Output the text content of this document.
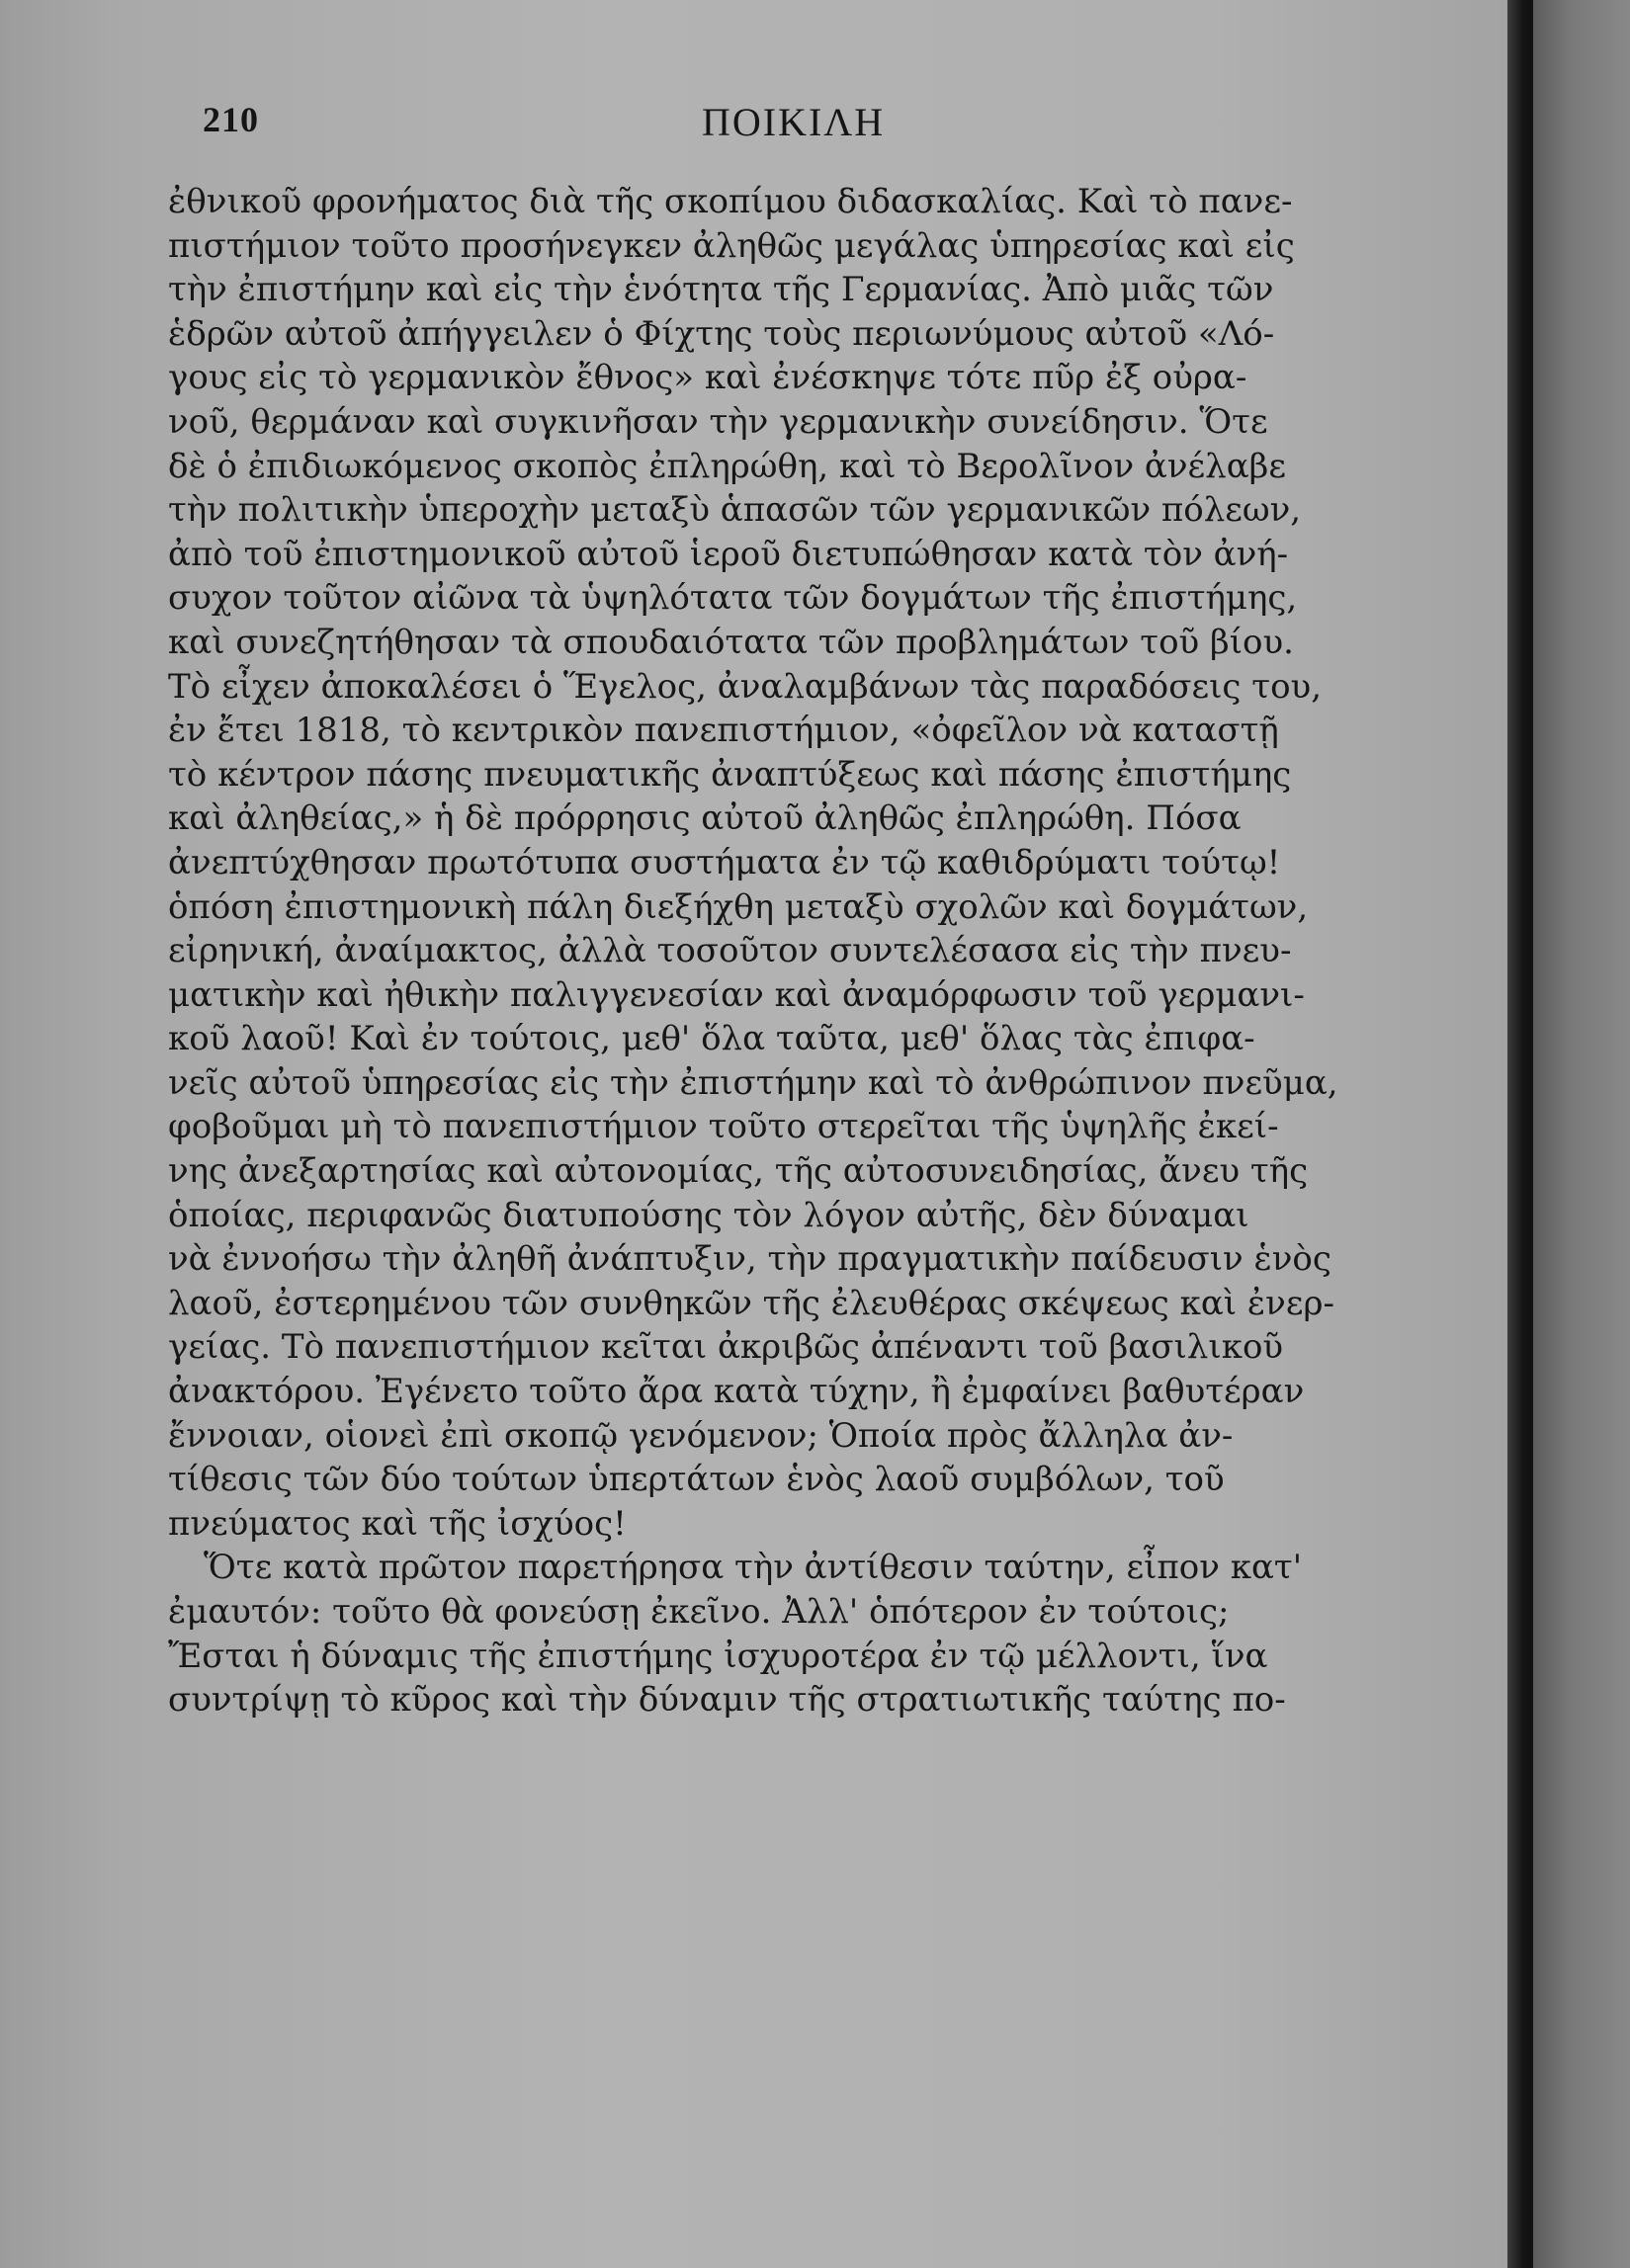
210	ΠΟΙΚΙΛΗ
ἐθνικοῦ φρονήματος διὰ τῆς σκοπίμου διδασκαλίας. Καὶ τὸ πανε-
πιστήμιον τοῦτο προσήνεγκεν ἀληθῶς μεγάλας ὑπηρεσίας καὶ εἰς
τὴν ἐπιστήμην καὶ εἰς τὴν ἑνότητα τῆς Γερμανίας. Ἀπὸ μιᾶς τῶν
ἑδρῶν αὐτοῦ ἀπήγγειλεν ὁ Φίχτης τοὺς περιωνύμους αὐτοῦ «Λό-
γους εἰς τὸ γερμανικὸν ἔθνος» καὶ ἐνέσκηψε τότε πῦρ ἐξ οὐρα-
νοῦ, θερμάναν καὶ συγκινῆσαν τὴν γερμανικὴν συνείδησιν. Ὅτε
δὲ ὁ ἐπιδιωκόμενος σκοπὸς ἐπληρώθη, καὶ τὸ Βερολῖνον ἀνέλαβε
τὴν πολιτικὴν ὑπεροχὴν μεταξὺ ἁπασῶν τῶν γερμανικῶν πόλεων,
ἀπὸ τοῦ ἐπιστημονικοῦ αὐτοῦ ἱεροῦ διετυπώθησαν κατὰ τὸν ἀνή-
συχον τοῦτον αἰῶνα τὰ ὑψηλότατα τῶν δογμάτων τῆς ἐπιστήμης,
καὶ συνεζητήθησαν τὰ σπουδαιότατα τῶν προβλημάτων τοῦ βίου.
Τὸ εἶχεν ἀποκαλέσει ὁ Ἕγελος, ἀναλαμβάνων τὰς παραδόσεις του,
ἐν ἔτει 1818, τὸ κεντρικὸν πανεπιστήμιον, «ὀφεῖλον νὰ καταστῇ
τὸ κέντρον πάσης πνευματικῆς ἀναπτύξεως καὶ πάσης ἐπιστήμης
καὶ ἀληθείας,» ἡ δὲ πρόρρησις αὐτοῦ ἀληθῶς ἐπληρώθη. Πόσα
ἀνεπτύχθησαν πρωτότυπα συστήματα ἐν τῷ καθιδρύματι τούτῳ!
ὁπόση ἐπιστημονικὴ πάλη διεξήχθη μεταξὺ σχολῶν καὶ δογμάτων,
εἰρηνική, ἀναίμακτος, ἀλλὰ τοσοῦτον συντελέσασα εἰς τὴν πνευ-
ματικὴν καὶ ἠθικὴν παλιγγενεσίαν καὶ ἀναμόρφωσιν τοῦ γερμανι-
κοῦ λαοῦ! Καὶ ἐν τούτοις, μεθ' ὅλα ταῦτα, μεθ' ὅλας τὰς ἐπιφα-
νεῖς αὐτοῦ ὑπηρεσίας εἰς τὴν ἐπιστήμην καὶ τὸ ἀνθρώπινον πνεῦμα,
φοβοῦμαι μὴ τὸ πανεπιστήμιον τοῦτο στερεῖται τῆς ὑψηλῆς ἐκεί-
νης ἀνεξαρτησίας καὶ αὐτονομίας, τῆς αὐτοσυνειδησίας, ἄνευ τῆς
ὁποίας, περιφανῶς διατυπούσης τὸν λόγον αὐτῆς, δὲν δύναμαι
νὰ ἐννοήσω τὴν ἀληθῆ ἀνάπτυξιν, τὴν πραγματικὴν παίδευσιν ἑνὸς
λαοῦ, ἐστερημένου τῶν συνθηκῶν τῆς ἐλευθέρας σκέψεως καὶ ἐνερ-
γείας. Τὸ πανεπιστήμιον κεῖται ἀκριβῶς ἀπέναντι τοῦ βασιλικοῦ
ἀνακτόρου. Ἐγένετο τοῦτο ἄρα κατὰ τύχην, ἢ ἐμφαίνει βαθυτέραν
ἔννοιαν, οἱονεὶ ἐπὶ σκοπῷ γενόμενον; Ὁποία πρὸς ἄλληλα ἀν-
τίθεσις τῶν δύο τούτων ὑπερτάτων ἑνὸς λαοῦ συμβόλων, τοῦ
πνεύματος καὶ τῆς ἰσχύος!
Ὅτε κατὰ πρῶτον παρετήρησα τὴν ἀντίθεσιν ταύτην, εἶπον κατ'
ἐμαυτόν: τοῦτο θὰ φονεύσῃ ἐκεῖνο. Ἀλλ' ὁπότερον ἐν τούτοις;
Ἔσται ἡ δύναμις τῆς ἐπιστήμης ἰσχυροτέρα ἐν τῷ μέλλοντι, ἵνα
συντρίψῃ τὸ κῦρος καὶ τὴν δύναμιν τῆς στρατιωτικῆς ταύτης πο-
